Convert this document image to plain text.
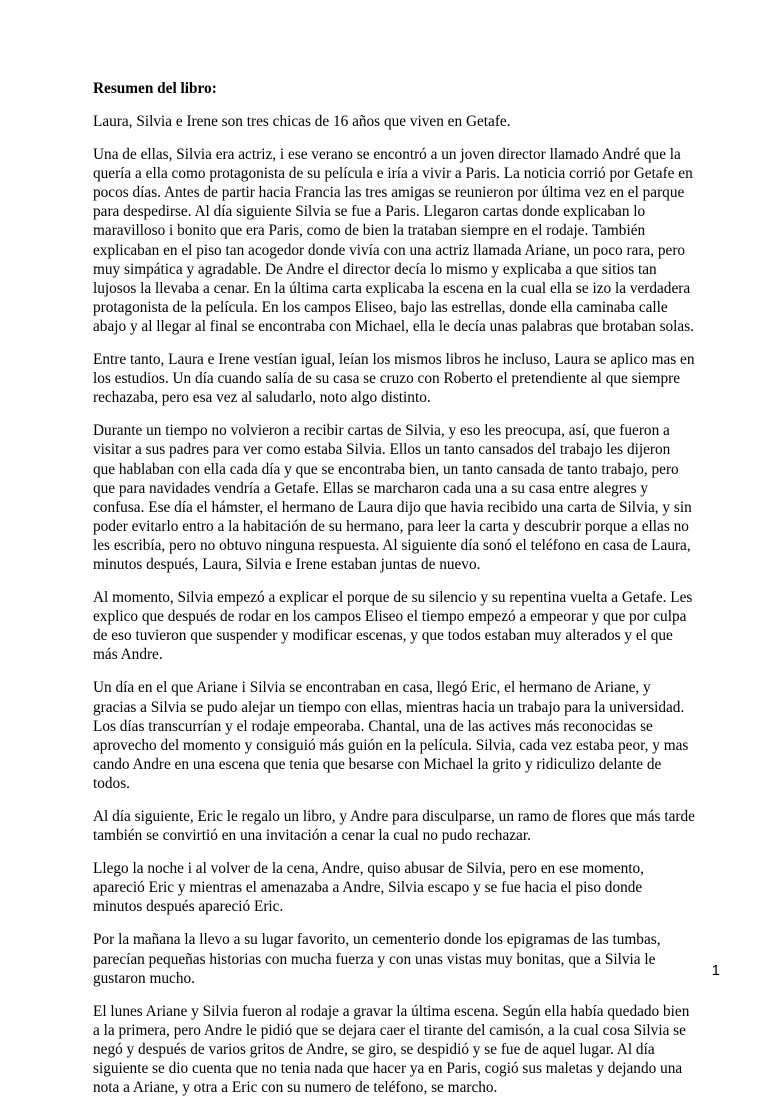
Resumen del libro:

Laura, Silvia e Irene son tres chicas de 16 años que viven en Getafe.

Una de ellas, Silvia era actriz, i ese verano se encontró a un joven director llamado André que la quería a ella como protagonista de su película e iría a vivir a Paris. La noticia corrió por Getafe en pocos días. Antes de partir hacia Francia las tres amigas se reunieron por última vez en el parque para despedirse. Al día siguiente Silvia se fue a Paris. Llegaron cartas donde explicaban lo maravilloso i bonito que era Paris, como de bien la trataban siempre en el rodaje. También explicaban en el piso tan acogedor donde vivía con una actriz llamada Ariane, un poco rara, pero muy simpática y agradable. De Andre el director decía lo mismo y explicaba a que sitios tan lujosos la llevaba a cenar. En la última carta explicaba la escena en la cual ella se izo la verdadera protagonista de la película. En los campos Eliseo, bajo las estrellas, donde ella caminaba calle abajo y al llegar al final se encontraba con Michael, ella le decía unas palabras que brotaban solas.

Entre tanto, Laura e Irene vestían igual, leían los mismos libros he incluso, Laura se aplico mas en los estudios. Un día cuando salía de su casa se cruzo con Roberto el pretendiente al que siempre rechazaba, pero esa vez al saludarlo, noto algo distinto.

Durante un tiempo no volvieron a recibir cartas de Silvia, y eso les preocupa, así, que fueron a visitar a sus padres para ver como estaba Silvia. Ellos un tanto cansados del trabajo les dijeron que hablaban con ella cada día y que se encontraba bien, un tanto cansada de tanto trabajo, pero que para navidades vendría a Getafe. Ellas se marcharon cada una a su casa entre alegres y confusa. Ese día el hámster, el hermano de Laura dijo que havia recibido una carta de Silvia, y sin poder evitarlo entro a la habitación de su hermano, para leer la carta y descubrir porque a ellas no les escribía, pero no obtuvo ninguna respuesta. Al siguiente día sonó el teléfono en casa de Laura, minutos después, Laura, Silvia e Irene estaban juntas de nuevo.

Al momento, Silvia empezó a explicar el porque de su silencio y su repentina vuelta a Getafe. Les explico que después de rodar en los campos Eliseo el tiempo empezó a empeorar y que por culpa de eso tuvieron que suspender y modificar escenas, y que todos estaban muy alterados y el que más Andre.

Un día en el que Ariane i Silvia se encontraban en casa, llegó Eric, el hermano de Ariane, y gracias a Silvia se pudo alejar un tiempo con ellas, mientras hacia un trabajo para la universidad. Los días transcurrían y el rodaje empeoraba. Chantal, una de las actives más reconocidas se aprovecho del momento y consiguió más guión en la película. Silvia, cada vez estaba peor, y mas cando Andre en una escena que tenia que besarse con Michael la grito y ridiculizo delante de todos.

Al día siguiente, Eric le regalo un libro, y Andre para disculparse, un ramo de flores que más tarde también se convirtió en una invitación a cenar la cual no pudo rechazar.

Llego la noche i al volver de la cena, Andre, quiso abusar de Silvia, pero en ese momento, apareció Eric y mientras el amenazaba a Andre, Silvia escapo y se fue hacia el piso donde minutos después apareció Eric.

Por la mañana la llevo a su lugar favorito, un cementerio donde los epigramas de las tumbas, parecían pequeñas historias con mucha fuerza y con unas vistas muy bonitas, que a Silvia le gustaron mucho.

El lunes Ariane y Silvia fueron al rodaje a gravar la última escena. Según ella había quedado bien a la primera, pero Andre le pidió que se dejara caer el tirante del camisón, a la cual cosa Silvia se negó y después de varios gritos de Andre, se giro, se despidió y se fue de aquel lugar. Al día siguiente se dio cuenta que no tenia nada que hacer ya en Paris, cogió sus maletas y dejando una nota a Ariane, y otra a Eric con su numero de teléfono, se marcho.

1
